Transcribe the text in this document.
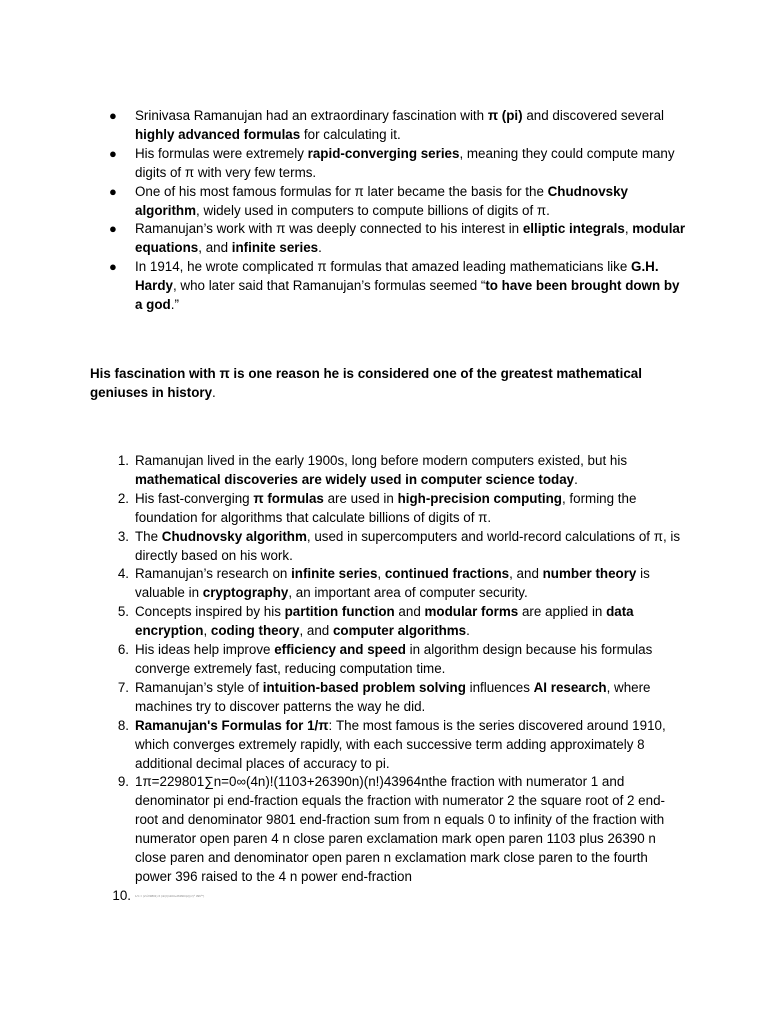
● Srinivasa Ramanujan had an extraordinary fascination with π (pi) and discovered several highly advanced formulas for calculating it.
● His formulas were extremely rapid-converging series, meaning they could compute many digits of π with very few terms.
● One of his most famous formulas for π later became the basis for the Chudnovsky algorithm, widely used in computers to compute billions of digits of π.
● Ramanujan’s work with π was deeply connected to his interest in elliptic integrals, modular equations, and infinite series.
● In 1914, he wrote complicated π formulas that amazed leading mathematicians like G.H. Hardy, who later said that Ramanujan’s formulas seemed “to have been brought down by a god.”

His fascination with π is one reason he is considered one of the greatest mathematical geniuses in history.

1. Ramanujan lived in the early 1900s, long before modern computers existed, but his mathematical discoveries are widely used in computer science today.
2. His fast-converging π formulas are used in high-precision computing, forming the foundation for algorithms that calculate billions of digits of π.
3. The Chudnovsky algorithm, used in supercomputers and world-record calculations of π, is directly based on his work.
4. Ramanujan’s research on infinite series, continued fractions, and number theory is valuable in cryptography, an important area of computer security.
5. Concepts inspired by his partition function and modular forms are applied in data encryption, coding theory, and computer algorithms.
6. His ideas help improve efficiency and speed in algorithm design because his formulas converge extremely fast, reducing computation time.
7. Ramanujan’s style of intuition-based problem solving influences AI research, where machines try to discover patterns the way he did.
8. Ramanujan's Formulas for 1/π: The most famous is the series discovered around 1910, which converges extremely rapidly, with each successive term adding approximately 8 additional decimal places of accuracy to pi.
9. 1π=229801∑n=0∞(4n)!(1103+26390n)(n!)43964nthe fraction with numerator 1 and denominator pi end-fraction equals the fraction with numerator 2 the square root of 2 end-root and denominator 9801 end-fraction sum from n equals 0 to infinity of the fraction with numerator open paren 4 n close paren exclamation mark open paren 1103 plus 26390 n close paren and denominator open paren n exclamation mark close paren to the fourth power 396 raised to the 4 n power end-fraction
10. 1/π = (2√2/9801) Σ (4n)!(1103+26390n)/((n!)⁴ 396⁴ⁿ)
